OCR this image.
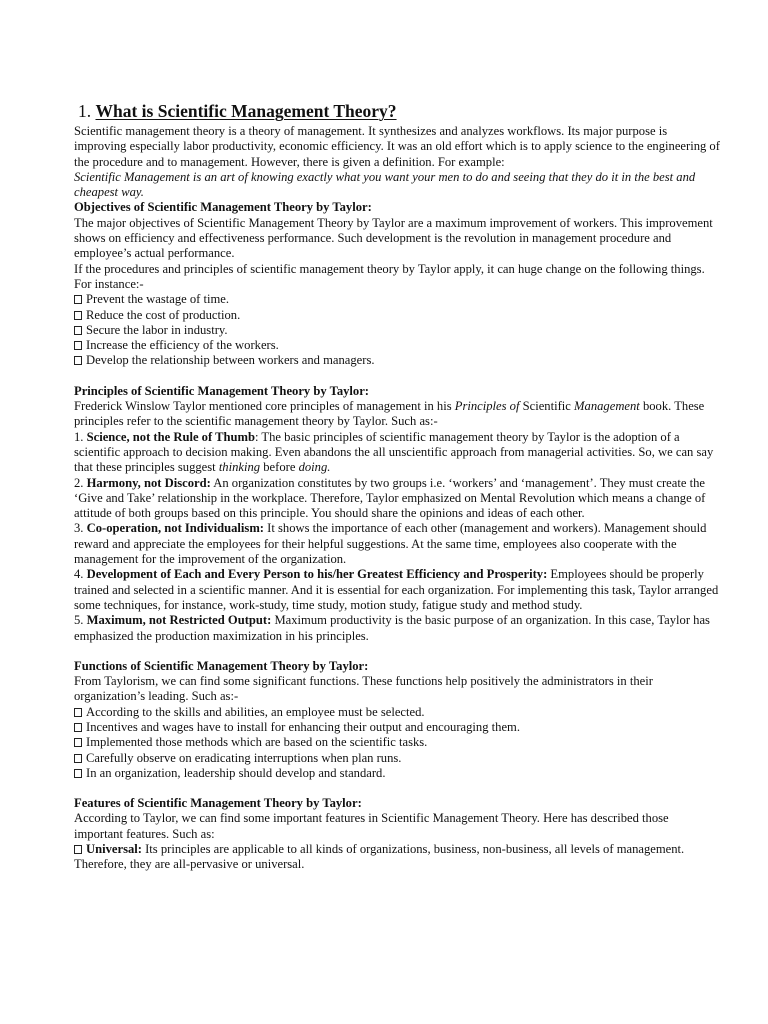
1. What is Scientific Management Theory?

Scientific management theory is a theory of management. It synthesizes and analyzes workflows. Its major purpose is improving especially labor productivity, economic efficiency. It was an old effort which is to apply science to the engineering of the procedure and to management. However, there is given a definition. For example:

Scientific Management is an art of knowing exactly what you want your men to do and seeing that they do it in the best and cheapest way.

Objectives of Scientific Management Theory by Taylor:

The major objectives of Scientific Management Theory by Taylor are a maximum improvement of workers. This improvement shows on efficiency and effectiveness performance. Such development is the revolution in management procedure and employee’s actual performance.

If the procedures and principles of scientific management theory by Taylor apply, it can huge change on the following things. For instance:-

Prevent the wastage of time.

Reduce the cost of production.

Secure the labor in industry.

Increase the efficiency of the workers.

Develop the relationship between workers and managers.

Principles of Scientific Management Theory by Taylor:

Frederick Winslow Taylor mentioned core principles of management in his Principles of Scientific Management book. These principles refer to the scientific management theory by Taylor. Such as:-

1. Science, not the Rule of Thumb: The basic principles of scientific management theory by Taylor is the adoption of a scientific approach to decision making. Even abandons the all unscientific approach from managerial activities. So, we can say that these principles suggest thinking before doing.

2. Harmony, not Discord: An organization constitutes by two groups i.e. ‘workers’ and ‘management’. They must create the ‘Give and Take’ relationship in the workplace. Therefore, Taylor emphasized on Mental Revolution which means a change of attitude of both groups based on this principle. You should share the opinions and ideas of each other.

3. Co-operation, not Individualism: It shows the importance of each other (management and workers). Management should reward and appreciate the employees for their helpful suggestions. At the same time, employees also cooperate with the management for the improvement of the organization.

4. Development of Each and Every Person to his/her Greatest Efficiency and Prosperity: Employees should be properly trained and selected in a scientific manner. And it is essential for each organization. For implementing this task, Taylor arranged some techniques, for instance, work-study, time study, motion study, fatigue study and method study.

5. Maximum, not Restricted Output: Maximum productivity is the basic purpose of an organization. In this case, Taylor has emphasized the production maximization in his principles.

Functions of Scientific Management Theory by Taylor:

From Taylorism, we can find some significant functions. These functions help positively the administrators in their organization’s leading. Such as:-

According to the skills and abilities, an employee must be selected.

Incentives and wages have to install for enhancing their output and encouraging them.

Implemented those methods which are based on the scientific tasks.

Carefully observe on eradicating interruptions when plan runs.

In an organization, leadership should develop and standard.

Features of Scientific Management Theory by Taylor:

According to Taylor, we can find some important features in Scientific Management Theory. Here has described those important features. Such as:

Universal: Its principles are applicable to all kinds of organizations, business, non-business, all levels of management. Therefore, they are all-pervasive or universal.
